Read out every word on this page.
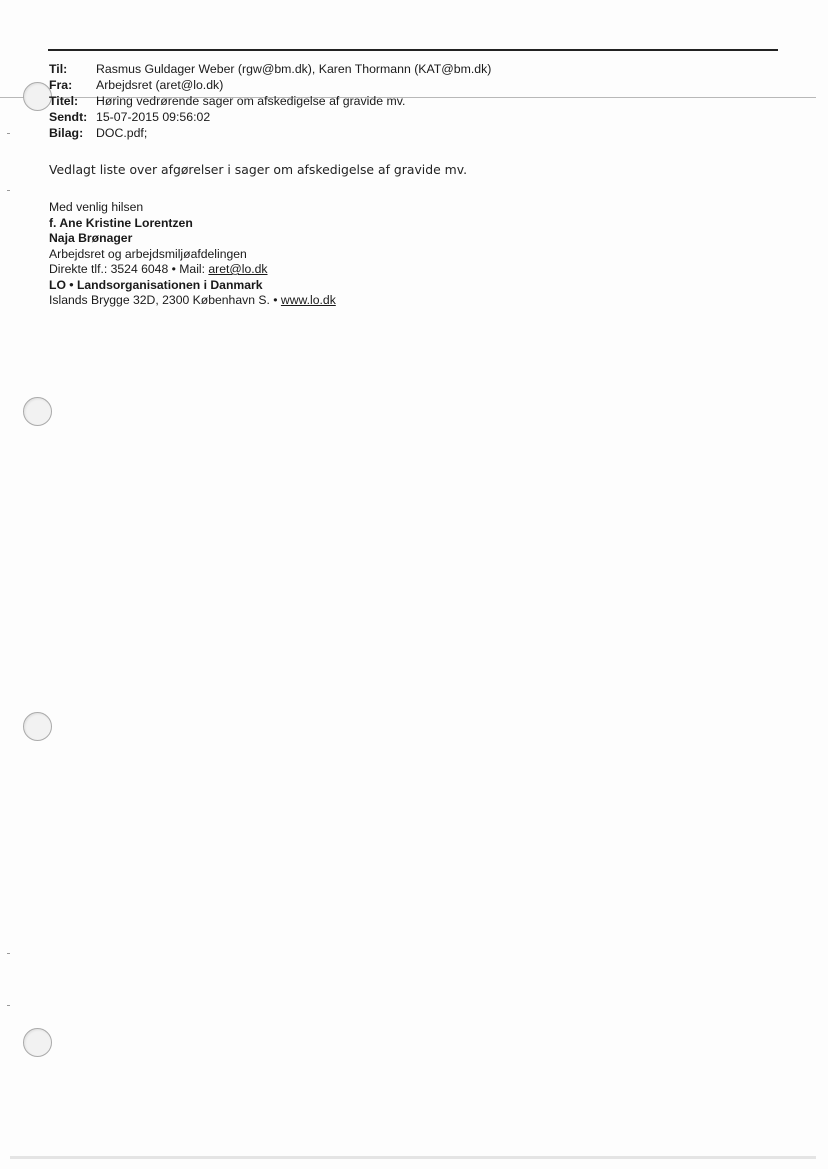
Til:	Rasmus Guldager Weber (rgw@bm.dk), Karen Thormann (KAT@bm.dk)
Fra:	Arbejdsret (aret@lo.dk)
Titel:	Høring vedrørende sager om afskedigelse af gravide mv.
Sendt: 15-07-2015 09:56:02
Bilag:	DOC.pdf;
Vedlagt liste over afgørelser i sager om afskedigelse af gravide mv.
Med venlig hilsen
f. Ane Kristine Lorentzen
Naja Brønager
Arbejdsret og arbejdsmiljøafdelingen
Direkte tlf.: 3524 6048 • Mail: aret@lo.dk
LO • Landsorganisationen i Danmark
Islands Brygge 32D, 2300 København S. • www.lo.dk
